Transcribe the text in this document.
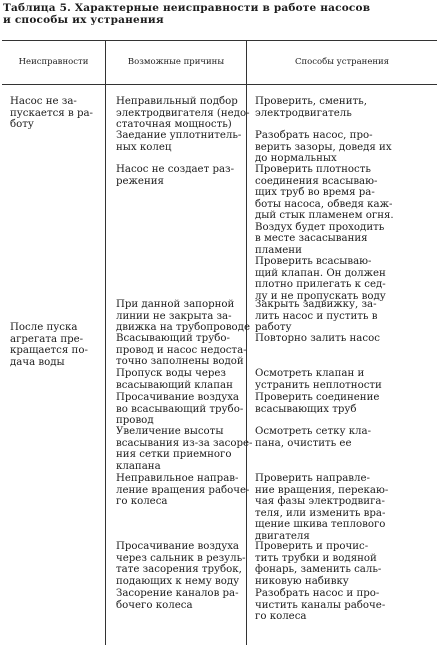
Таблица 5. Характерные неисправности в работе насосов
и способы их устранения
Неисправности	Возможные причины	Способы устранения
Насос не за-
пускается в ра-
боту
После пуска
агрегата пре-
кращается по-
дача воды
Неправильный подбор
электродвигателя (недо-
статочная мощность)
Заедание уплотнитель-
ных колец
Насос не создает раз-
режения
При данной запорной
линии не закрыта за-
движка на трубопроводе
Всасывающий трубо-
провод и насос недоста-
точно заполнены водой
Пропуск воды через
всасывающий клапан
Просачивание воздуха
во всасывающий трубо-
провод
Увеличение высоты
всасывания из-за засоре-
ния сетки приемного
клапана
Неправильное направ-
ление вращения рабоче-
го колеса
Просачивание воздуха
через сальник в резуль-
тате засорения трубок,
подающих к нему воду
Засорение каналов ра-
бочего колеса
Проверить, сменить,
электродвигатель
Разобрать насос, про-
верить зазоры, доведя их
до нормальных
Проверить плотность
соединения всасываю-
щих труб во время ра-
боты насоса, обведя каж-
дый стык пламенем огня.
Воздух будет проходить
в месте засасывания
пламени
Проверить всасываю-
щий клапан. Он должен
плотно прилегать к сед-
лу и не пропускать воду
Закрыть задвижку, за-
лить насос и пустить в
работу
Повторно залить насос
Осмотреть клапан и
устранить неплотности
Проверить соединение
всасывающих труб
Осмотреть сетку кла-
пана, очистить ее
Проверить направле-
ние вращения, перекаю-
чая фазы электродвига-
теля, или изменить вра-
щение шкива теплового
двигателя
Проверить и прочис-
тить трубки и водяной
фонарь, заменить саль-
никовую набивку
Разобрать насос и про-
чистить каналы рабоче-
го колеса
